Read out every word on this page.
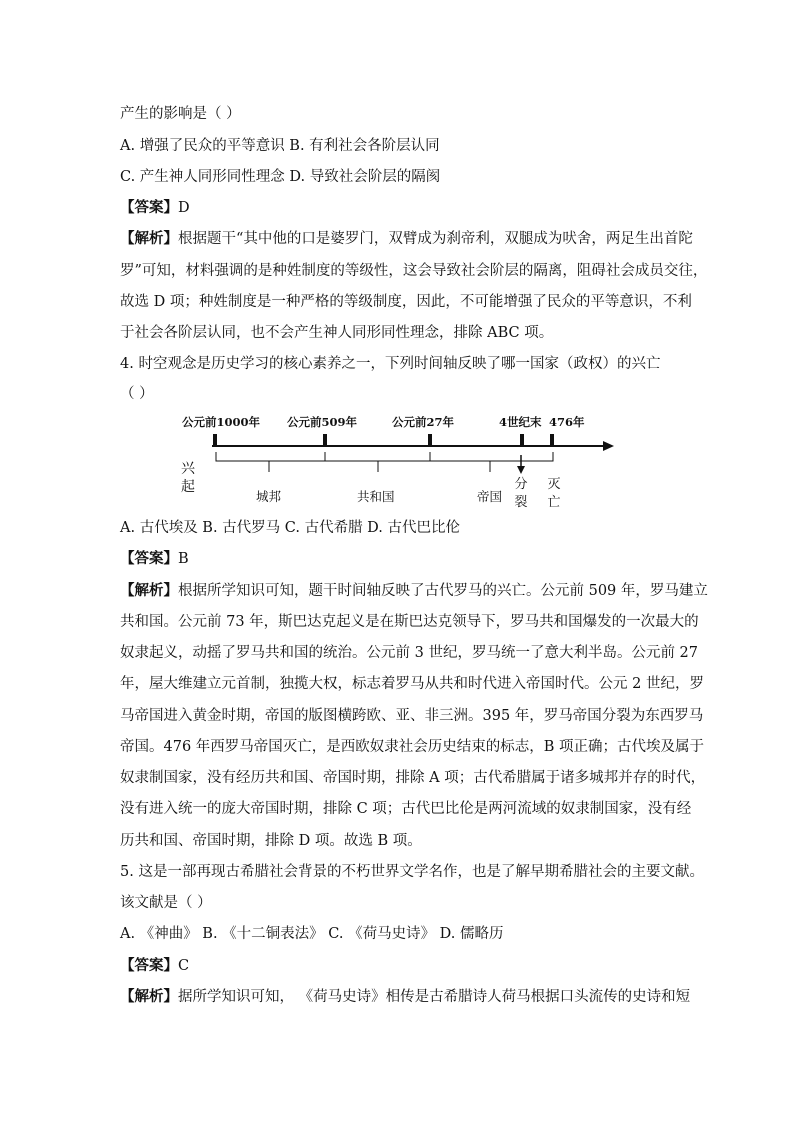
产生的影响是（ ）
A. 增强了民众的平等意识 B. 有利社会各阶层认同
C. 产生神人同形同性理念 D. 导致社会阶层的隔阂
【答案】D
【解析】根据题干“其中他的口是婆罗门，双臂成为刹帝利，双腿成为吠舍，两足生出首陀
罗”可知，材料强调的是种姓制度的等级性，这会导致社会阶层的隔离，阻碍社会成员交往，
故选 D 项；种姓制度是一种严格的等级制度，因此，不可能增强了民众的平等意识，不利
于社会各阶层认同，也不会产生神人同形同性理念，排除 ABC 项。
4. 时空观念是历史学习的核心素养之一，下列时间轴反映了哪一国家（政权）的兴亡
（ ）
公元前1000年 公元前509年	公元前27年	4世纪末 476年
兴
起
城邦	共和国	帝国
分
裂
灭
亡
A. 古代埃及 B. 古代罗马 C. 古代希腊 D. 古代巴比伦
【答案】B
【解析】根据所学知识可知，题干时间轴反映了古代罗马的兴亡。公元前 509 年，罗马建立
共和国。公元前 73 年，斯巴达克起义是在斯巴达克领导下，罗马共和国爆发的一次最大的
奴隶起义，动摇了罗马共和国的统治。公元前 3 世纪，罗马统一了意大利半岛。公元前 27
年，屋大维建立元首制，独揽大权，标志着罗马从共和时代进入帝国时代。公元 2 世纪，罗
马帝国进入黄金时期，帝国的版图横跨欧、亚、非三洲。395 年，罗马帝国分裂为东西罗马
帝国。476 年西罗马帝国灭亡，是西欧奴隶社会历史结束的标志，B 项正确；古代埃及属于
奴隶制国家，没有经历共和国、帝国时期，排除 A 项；古代希腊属于诸多城邦并存的时代，
没有进入统一的庞大帝国时期，排除 C 项；古代巴比伦是两河流域的奴隶制国家，没有经
历共和国、帝国时期，排除 D 项。故选 B 项。
5. 这是一部再现古希腊社会背景的不朽世界文学名作，也是了解早期希腊社会的主要文献。
该文献是（ ）
A. 《神曲》 B. 《十二铜表法》 C. 《荷马史诗》 D. 儒略历
【答案】C
【解析】据所学知识可知， 《荷马史诗》相传是古希腊诗人荷马根据口头流传的史诗和短
